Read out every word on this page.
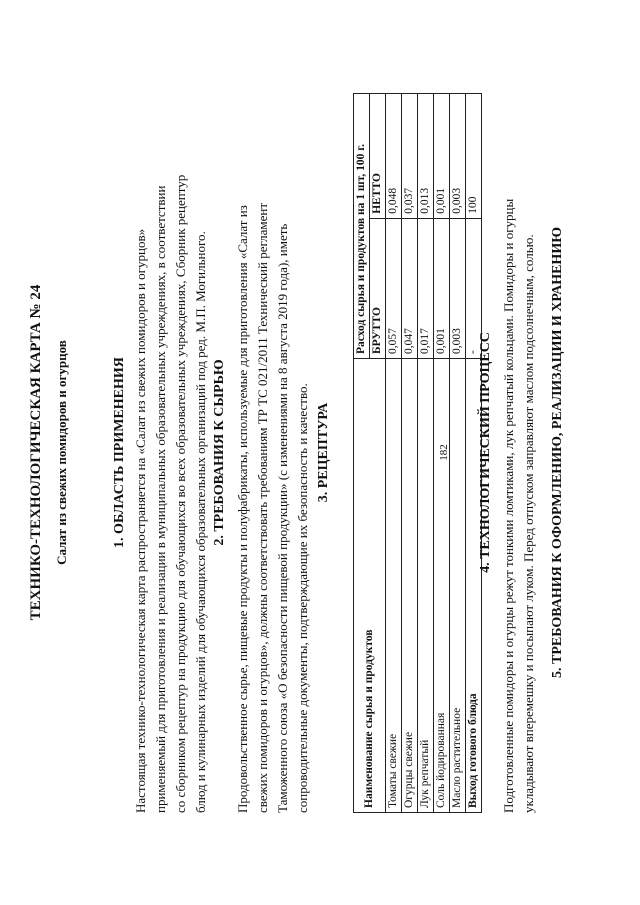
ТЕХНИКО-ТЕХНОЛОГИЧЕСКАЯ КАРТА № 24 Салат из свежих помидоров и огурцов	1. ОБЛАСТЬ ПРИМЕНЕНИЯ Настоящая технико-технологическая карта распространяется на «Салат из свежих помидоров и огурцов» применяемый для приготовления и реализации в муниципальных образовательных учреждениях, в соответствии со сборником рецептур на продукцию для обучающихся во всех образовательных учреждениях, Сборник рецептур блюд и кулинарных изделий для обучающихся образовательных организаций под ред. М.П. Могильного. 2. ТРЕБОВАНИЯ К СЫРЬЮ Продовольственное сырье, пищевые продукты и полуфабрикаты, используемые для приготовления «Салат из свежих помидоров и огурцов», должны соответствовать требованиям ТР ТС 021/2011 Технический регламент Таможенного союза «О безопасности пищевой продукции» (с изменениями на 8 августа 2019 года), иметь сопроводительные документы, подтверждающие их безопасность и качество. 3. РЕЦЕПТУРА
Наименование сырья и продуктов	Расход сырья и продуктов на 1 шт, 100 г.	
	БРУТТО	НЕТТО
Томаты свежие	0,057	0,048
Огурцы свежие	0,047	0,037
Лук репчатый	0,017	0,013
Соль йодированная	0,001	0,001
Масло растительное	0,003	0,003
Выход готового блюда	-	100
182 4. ТЕХНОЛОГИЧЕСКИЙ ПРОЦЕСС Подготовленные помидоры и огурцы режут тонкими ломтиками, лук репчатый кольцами. Помидоры и огурцы укладывают вперемешку и посыпают луком. Перед отпуском заправляют маслом подсолнечным, солью. 5. ТРЕБОВАНИЯ К ОФОРМЛЕНИЮ, РЕАЛИЗАЦИИ И ХРАНЕНИЮ
